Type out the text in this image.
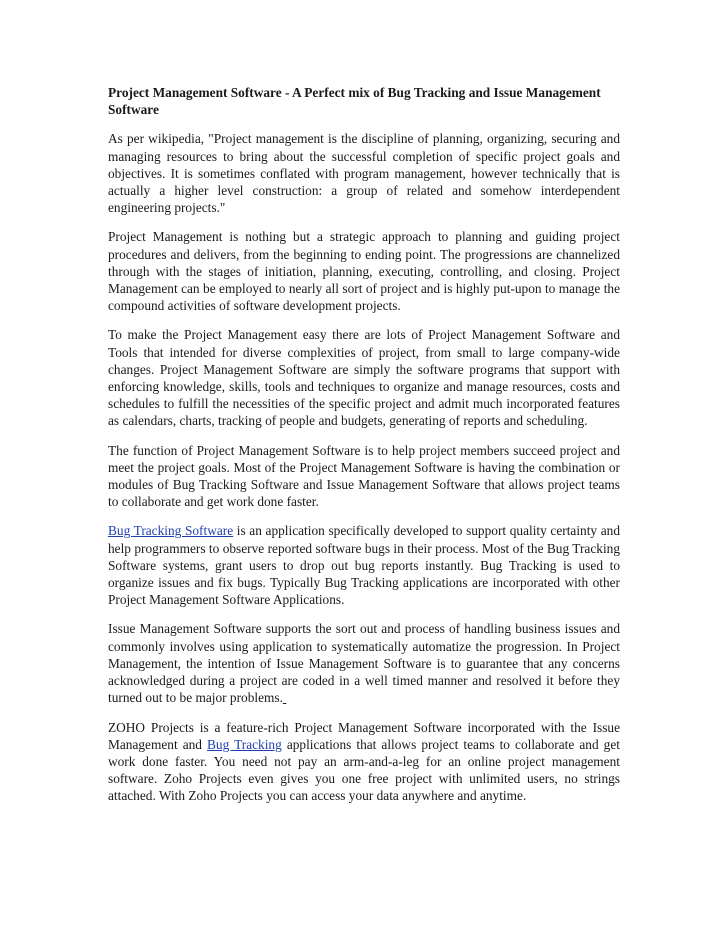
Project Management Software - A Perfect mix of Bug Tracking and Issue Management Software

As per wikipedia, "Project management is the discipline of planning, organizing, securing and managing resources to bring about the successful completion of specific project goals and objectives. It is sometimes conflated with program management, however technically that is actually a higher level construction: a group of related and somehow interdependent engineering projects."

Project Management is nothing but a strategic approach to planning and guiding project procedures and delivers, from the beginning to ending point. The progressions are channelized through with the stages of initiation, planning, executing, controlling, and closing. Project Management can be employed to nearly all sort of project and is highly put-upon to manage the compound activities of software development projects.

To make the Project Management easy there are lots of Project Management Software and Tools that intended for diverse complexities of project, from small to large company-wide changes. Project Management Software are simply the software programs that support with enforcing knowledge, skills, tools and techniques to organize and manage resources, costs and schedules to fulfill the necessities of the specific project and admit much incorporated features as calendars, charts, tracking of people and budgets, generating of reports and scheduling.

The function of Project Management Software is to help project members succeed project and meet the project goals. Most of the Project Management Software is having the combination or modules of Bug Tracking Software and Issue Management Software that allows project teams to collaborate and get work done faster.

Bug Tracking Software is an application specifically developed to support quality certainty and help programmers to observe reported software bugs in their process. Most of the Bug Tracking Software systems, grant users to drop out bug reports instantly. Bug Tracking is used to organize issues and fix bugs. Typically Bug Tracking applications are incorporated with other Project Management Software Applications.

Issue Management Software supports the sort out and process of handling business issues and commonly involves using application to systematically automatize the progression. In Project Management, the intention of Issue Management Software is to guarantee that any concerns acknowledged during a project are coded in a well timed manner and resolved it before they turned out to be major problems.

ZOHO Projects is a feature-rich Project Management Software incorporated with the Issue Management and Bug Tracking applications that allows project teams to collaborate and get work done faster. You need not pay an arm-and-a-leg for an online project management software. Zoho Projects even gives you one free project with unlimited users, no strings attached. With Zoho Projects you can access your data anywhere and anytime.
